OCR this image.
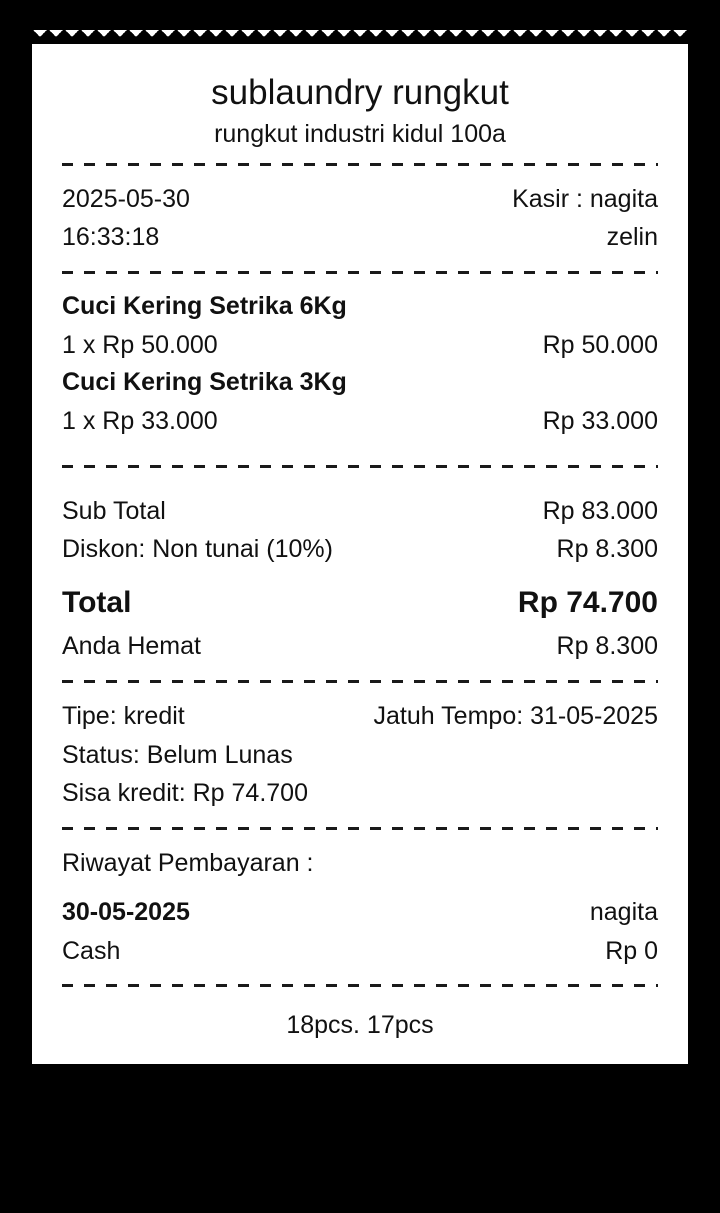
sublaundry rungkut
rungkut industri kidul 100a
2025-05-30	Kasir : nagita
16:33:18	zelin
Cuci Kering Setrika 6Kg
1 x Rp 50.000	Rp 50.000
Cuci Kering Setrika 3Kg
1 x Rp 33.000	Rp 33.000
Sub Total	Rp 83.000
Diskon: Non tunai (10%)	Rp 8.300
Total	Rp 74.700
Anda Hemat	Rp 8.300
Tipe: kredit	Jatuh Tempo: 31-05-2025
Status: Belum Lunas
Sisa kredit: Rp 74.700
Riwayat Pembayaran :
30-05-2025	nagita
Cash	Rp 0
18pcs. 17pcs
